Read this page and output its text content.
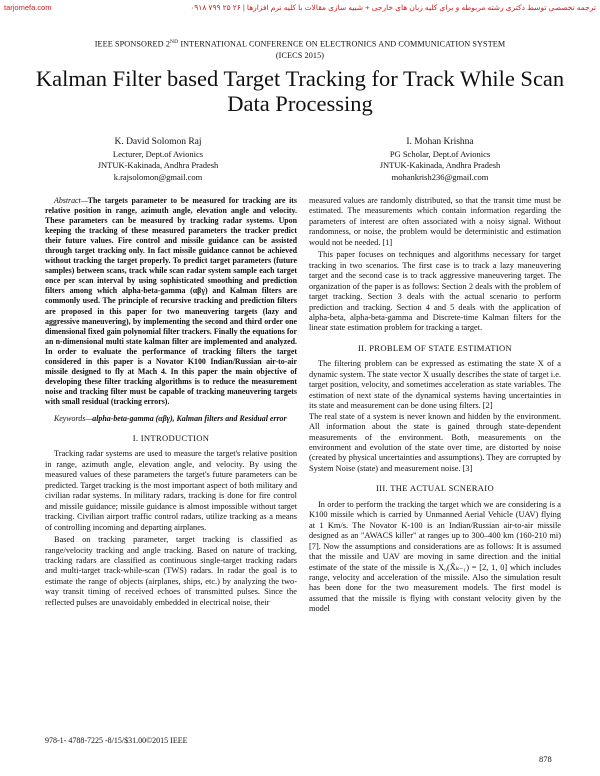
tarjomefa.com	۰۹۱۸ ۷۹۹ ۲۵ ۲۶ | ترجمه تخصصی توسط دکتری رشته مربوطه و برای کلیه زبان های خارجی + شبیه سازی مقالات با کلیه نرم افزارها
IEEE SPONSORED 2ND INTERNATIONAL CONFERENCE ON ELECTRONICS AND COMMUNICATION SYSTEM
(ICECS 2015)
Kalman Filter based Target Tracking for Track While Scan Data Processing
K. David Solomon Raj
Lecturer, Dept.of Avionics
JNTUK-Kakinada, Andhra Pradesh
k.rajsolomon@gmail.com
I. Mohan Krishna
PG Scholar, Dept.of Avionics
JNTUK-Kakinada, Andhra Pradesh
mohankrish236@gmail.com

Abstract—The targets parameter to be measured for tracking are its relative position in range, azimuth angle, elevation angle and velocity. These parameters can be measured by tracking radar systems. Upon keeping the tracking of these measured parameters the tracker predict their future values. Fire control and missile guidance can be assisted through target tracking only. In fact missile guidance cannot be achieved without tracking the target properly. To predict target parameters (future samples) between scans, track while scan radar system sample each target once per scan interval by using sophisticated smoothing and prediction filters among which alpha-beta-gamma (αβγ) and Kalman filters are commonly used. The principle of recursive tracking and prediction filters are proposed in this paper for two maneuvering targets (lazy and aggressive maneuvering), by implementing the second and third order one dimensional fixed gain polynomial filter trackers. Finally the equations for an n-dimensional multi state kalman filter are implemented and analyzed. In order to evaluate the performance of tracking filters the target considered in this paper is a Novator K100 Indian/Russian air-to-air missile designed to fly at Mach 4. In this paper the main objective of developing these filter tracking algorithms is to reduce the measurement noise and tracking filter must be capable of tracking maneuvering targets with small residual (tracking errors).

Keywords—alpha-beta-gamma (αβγ), Kalman filters and Residual error

I. INTRODUCTION

Tracking radar systems are used to measure the target's relative position in range, azimuth angle, elevation angle, and velocity. By using the measured values of these parameters the target's future parameters can be predicted. Target tracking is the most important aspect of both military and civilian radar systems. In military radars, tracking is done for fire control and missile guidance; missile guidance is almost impossible without target tracking. Civilian airport traffic control radars, utilize tracking as a means of controlling incoming and departing airplanes.

Based on tracking parameter, target tracking is classified as range/velocity tracking and angle tracking. Based on nature of tracking, tracking radars are classified as continuous single-target tracking radars and multi-target track-while-scan (TWS) radars. In radar the goal is to estimate the range of objects (airplanes, ships, etc.) by analyzing the two-way transit timing of received echoes of transmitted pulses. Since the reflected pulses are unavoidably embedded in electrical noise, their

measured values are randomly distributed, so that the transit time must be estimated. The measurements which contain information regarding the parameters of interest are often associated with a noisy signal. Without randomness, or noise, the problem would be deterministic and estimation would not be needed. [1]

This paper focuses on techniques and algorithms necessary for target tracking in two scenarios. The first case is to track a lazy maneuvering target and the second case is to track aggressive maneuvering target. The organization of the paper is as follows: Section 2 deals with the problem of target tracking. Section 3 deals with the actual scenario to perform prediction and tracking. Section 4 and 5 deals with the application of alpha-beta, alpha-beta-gamma and Discrete-time Kalman filters for the linear state estimation problem for tracking a target.

II. PROBLEM OF STATE ESTIMATION

The filtering problem can be expressed as estimating the state X of a dynamic system. The state vector X usually describes the state of target i.e. target position, velocity, and sometimes acceleration as state variables. The estimation of next state of the dynamical systems having uncertainties in its state and measurement can be done using filters. [2]

The real state of a system is never known and hidden by the environment. All information about the state is gained through state-dependent measurements of the environment. Both, measurements on the environment and evolution of the state over time, are distorted by noise (created by physical uncertainties and assumptions). They are corrupted by System Noise (state) and measurement noise. [3]

III. THE ACTUAL SCNERAIO

In order to perform the tracking the target which we are considering is a K100 missile which is carried by Unmanned Aerial Vehicle (UAV) flying at 1 Km/s. The Novator K-100 is an Indian/Russian air-to-air missile designed as an "AWACS killer" at ranges up to 300–400 km (160-210 mi)[7]. Now the assumptions and considerations are as follows: It is assumed that the missile and UAV are moving in same direction and the initial estimate of the state of the missile is X₀(X̂ₖ₋₁) = [2, 1, 0] which includes range, velocity and acceleration of the missile. Also the simulation result has been done for the two measurement models. The first model is assumed that the missile is flying with constant velocity given by the model

978-1- 4788-7225 -8/15/$31.00©2015 IEEE
878
